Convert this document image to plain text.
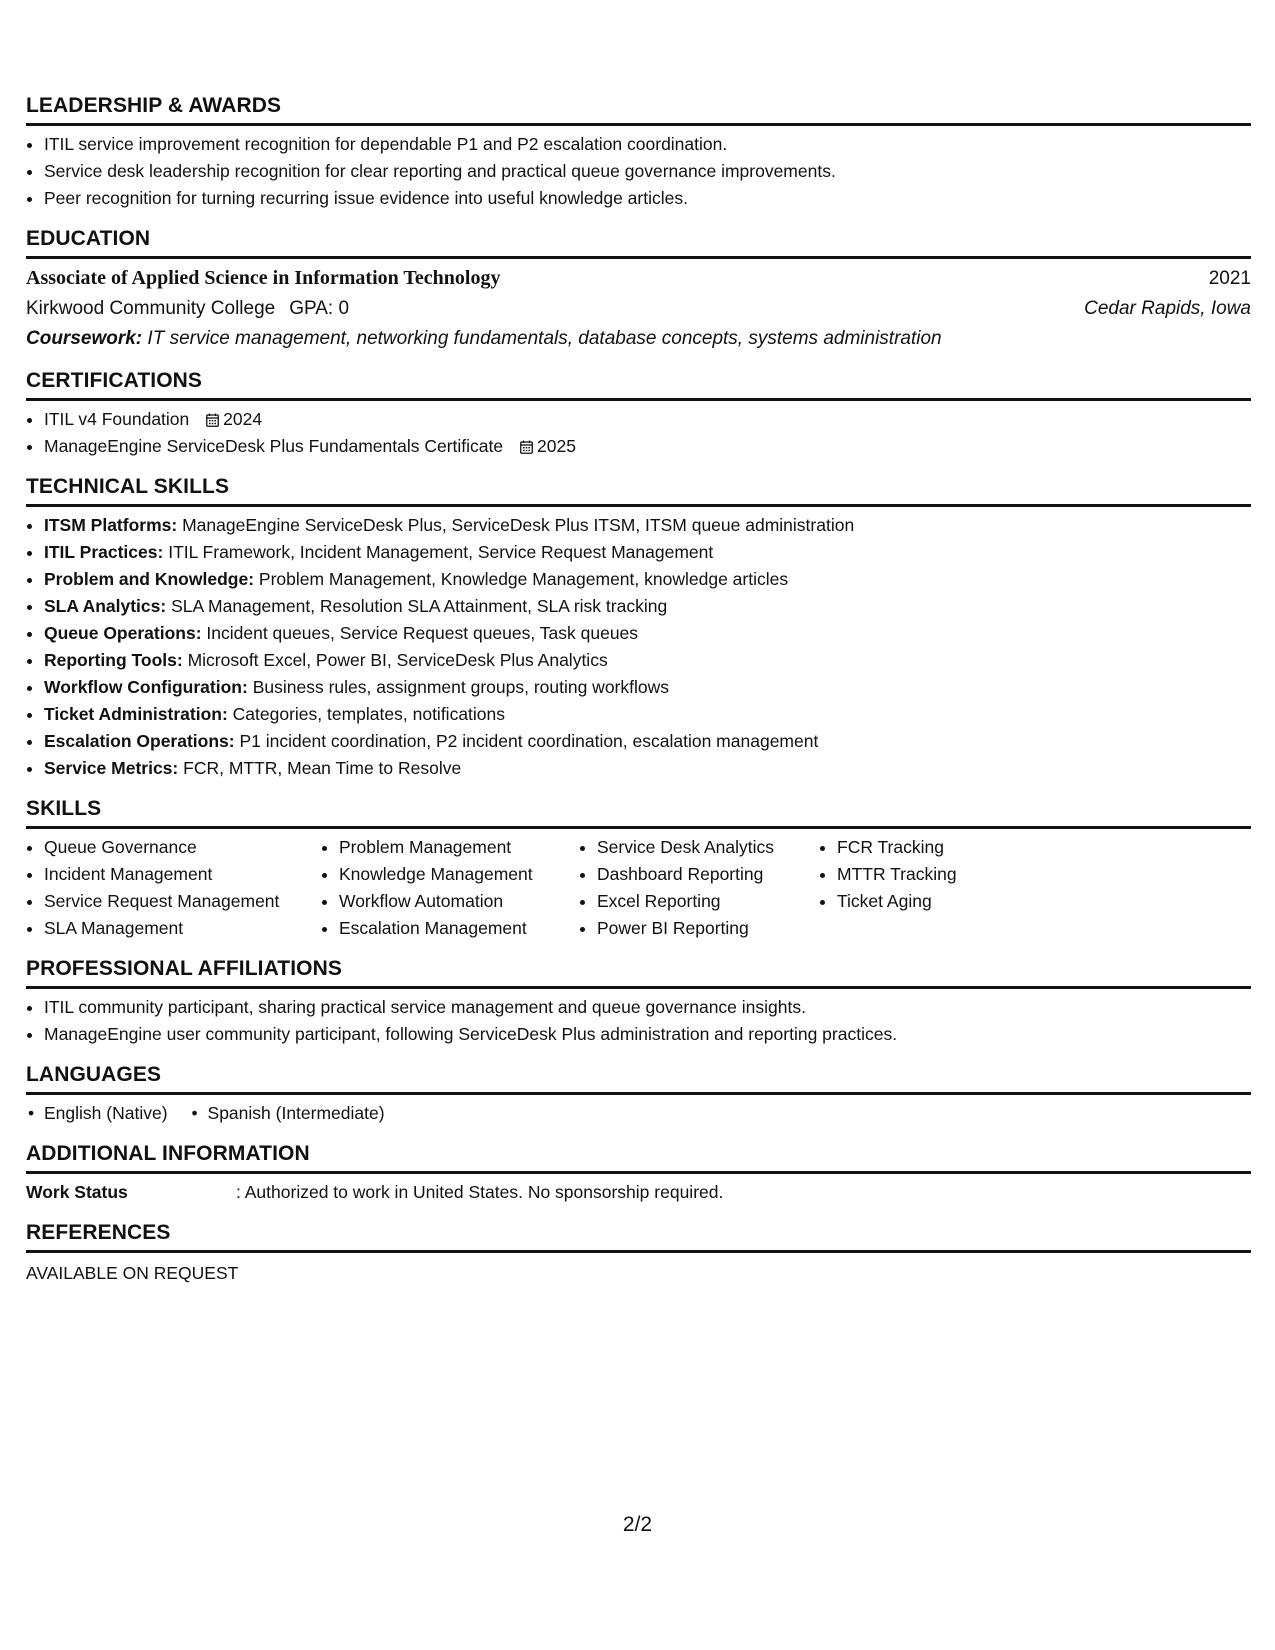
LEADERSHIP & AWARDS
• ITIL service improvement recognition for dependable P1 and P2 escalation coordination.
• Service desk leadership recognition for clear reporting and practical queue governance improvements.
• Peer recognition for turning recurring issue evidence into useful knowledge articles.
EDUCATION
Associate of Applied Science in Information Technology	2021
Kirkwood Community College GPA: 0	Cedar Rapids, Iowa
Coursework: IT service management, networking fundamentals, database concepts, systems administration
CERTIFICATIONS
• ITIL v4 Foundation 2024
• ManageEngine ServiceDesk Plus Fundamentals Certificate 2025
TECHNICAL SKILLS
• ITSM Platforms: ManageEngine ServiceDesk Plus, ServiceDesk Plus ITSM, ITSM queue administration
• ITIL Practices: ITIL Framework, Incident Management, Service Request Management
• Problem and Knowledge: Problem Management, Knowledge Management, knowledge articles
• SLA Analytics: SLA Management, Resolution SLA Attainment, SLA risk tracking
• Queue Operations: Incident queues, Service Request queues, Task queues
• Reporting Tools: Microsoft Excel, Power BI, ServiceDesk Plus Analytics
• Workflow Configuration: Business rules, assignment groups, routing workflows
• Ticket Administration: Categories, templates, notifications
• Escalation Operations: P1 incident coordination, P2 incident coordination, escalation management
• Service Metrics: FCR, MTTR, Mean Time to Resolve
SKILLS
• Queue Governance
• Incident Management
• Service Request Management
• SLA Management
• Problem Management
• Knowledge Management
• Workflow Automation
• Escalation Management
• Service Desk Analytics
• Dashboard Reporting
• Excel Reporting
• Power BI Reporting
• FCR Tracking
• MTTR Tracking
• Ticket Aging
PROFESSIONAL AFFILIATIONS
• ITIL community participant, sharing practical service management and queue governance insights.
• ManageEngine user community participant, following ServiceDesk Plus administration and reporting practices.
LANGUAGES
• English (Native)
•	Spanish (Intermediate)
ADDITIONAL INFORMATION
Work Status	: Authorized to work in United States. No sponsorship required.
REFERENCES
AVAILABLE ON REQUEST
2/2
